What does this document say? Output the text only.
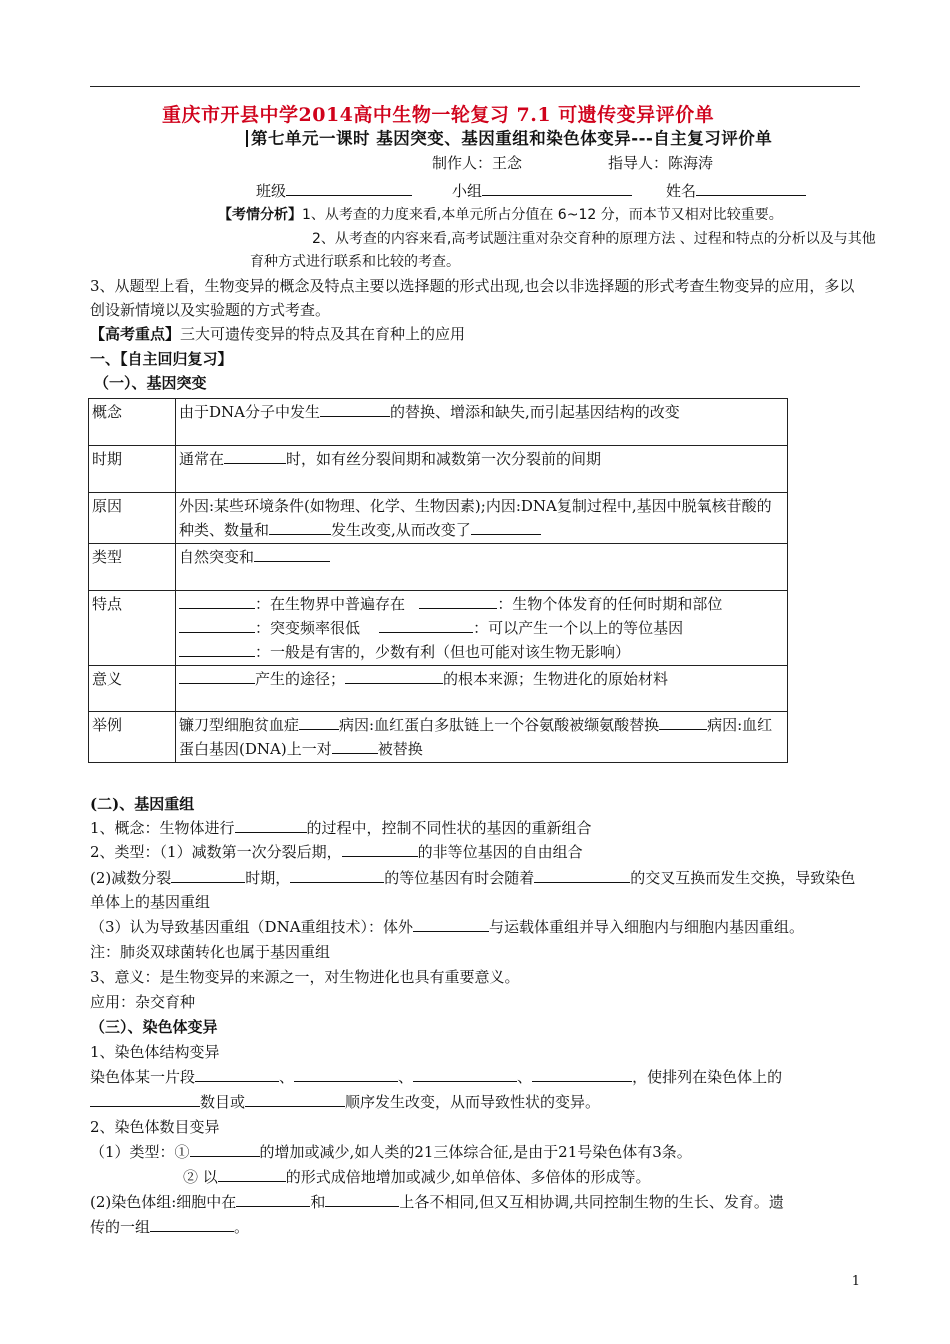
重庆市开县中学2014高中生物一轮复习 7.1 可遗传变异评价单
第七单元一课时 基因突变、基因重组和染色体变异---自主复习评价单
制作人：王念	指导人：陈海涛
班级	小组	姓名
【考情分析】1、从考查的力度来看,本单元所占分值在 6~12 分，而本节又相对比较重要。
2、从考查的内容来看,高考试题注重对杂交育种的原理方法 、过程和特点的分析以及与其他
育种方式进行联系和比较的考查。
3、从题型上看，生物变异的概念及特点主要以选择题的形式出现,也会以非选择题的形式考查生物变异的应用，多以创设新情境以及实验题的方式考查。
【高考重点】三大可遗传变异的特点及其在育种上的应用
一、【自主回归复习】
（一）、基因突变
概念	由于DNA分子中发生 的替换、增添和缺失,而引起基因结构的改变
时期	通常在 时，如有丝分裂间期和减数第一次分裂前的间期
原因	外因:某些环境条件(如物理、化学、生物因素);内因:DNA复制过程中,基因中脱氧核苷酸的种类、数量和 发生改变,从而改变了
类型	自然突变和
特点	：在生物界中普遍存在 ：生物个体发育的任何时期和部位
：突变频率很低 ：可以产生一个以上的等位基因
：一般是有害的，少数有利（但也可能对该生物无影响）
意义	产生的途径； 的根本来源；生物进化的原始材料
举例	镰刀型细胞贫血症 病因:血红蛋白多肽链上一个谷氨酸被缬氨酸替换 病因:血红蛋白基因(DNA)上一对 被替换
(二)、基因重组
1、概念：生物体进行	的过程中，控制不同性状的基因的重新组合
2、类型：（1）减数第一次分裂后期，	的非等位基因的自由组合
(2)减数分裂	时期，	的等位基因有时会随着	的交叉互换而发生交换，导致染色单体上的基因重组
（3）认为导致基因重组（DNA重组技术）：体外	与运载体重组并导入细胞内与细胞内基因重组。
注：肺炎双球菌转化也属于基因重组
3、意义：是生物变异的来源之一，对生物进化也具有重要意义。
应用：杂交育种
（三）、染色体变异
1、染色体结构变异
染色体某一片段	、	、	、	，使排列在染色体上的
数目或	顺序发生改变，从而导致性状的变异。
2、染色体数目变异
（1）类型：①	的增加或减少,如人类的21三体综合征,是由于21号染色体有3条。
② 以	的形式成倍地增加或减少,如单倍体、多倍体的形成等。
(2)染色体组:细胞中在	和	上各不相同,但又互相协调,共同控制生物的生长、发育。遗
传的一组	。
1
